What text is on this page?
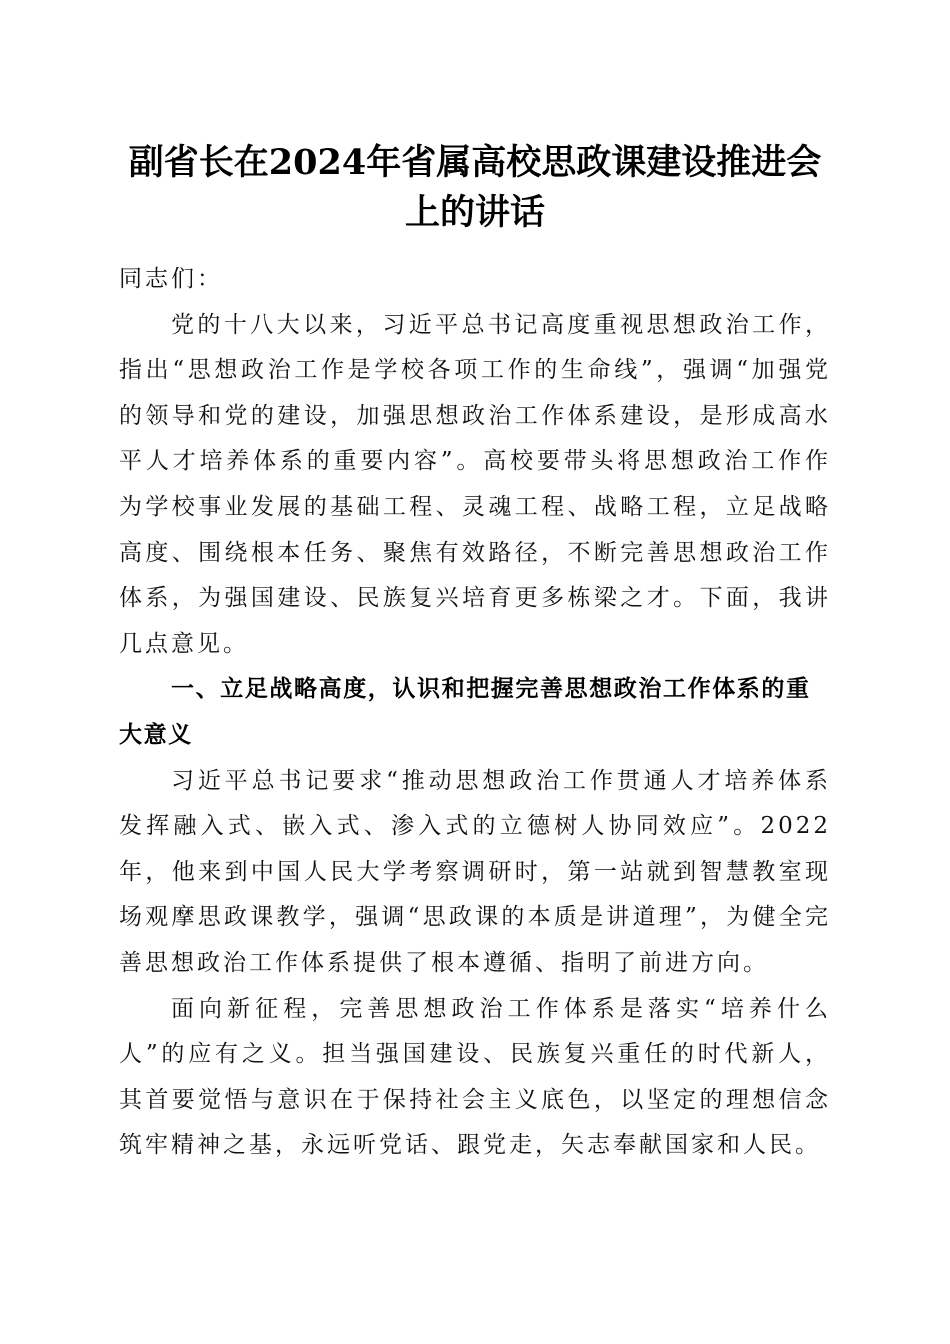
副省长在2024年省属高校思政课建设推进会
上的讲话

同志们：

党的十八大以来，习近平总书记高度重视思想政治工作，指出“思想政治工作是学校各项工作的生命线”，强调“加强党的领导和党的建设，加强思想政治工作体系建设，是形成高水平人才培养体系的重要内容”。高校要带头将思想政治工作作为学校事业发展的基础工程、灵魂工程、战略工程，立足战略高度、围绕根本任务、聚焦有效路径，不断完善思想政治工作体系，为强国建设、民族复兴培育更多栋梁之才。下面，我讲几点意见。

一、立足战略高度，认识和把握完善思想政治工作体系的重大意义

习近平总书记要求“推动思想政治工作贯通人才培养体系发挥融入式、嵌入式、渗入式的立德树人协同效应”。2022年，他来到中国人民大学考察调研时，第一站就到智慧教室现场观摩思政课教学，强调“思政课的本质是讲道理”，为健全完善思想政治工作体系提供了根本遵循、指明了前进方向。

面向新征程，完善思想政治工作体系是落实“培养什么人”的应有之义。担当强国建设、民族复兴重任的时代新人，其首要觉悟与意识在于保持社会主义底色，以坚定的理想信念筑牢精神之基，永远听党话、跟党走，矢志奉献国家和人民。
